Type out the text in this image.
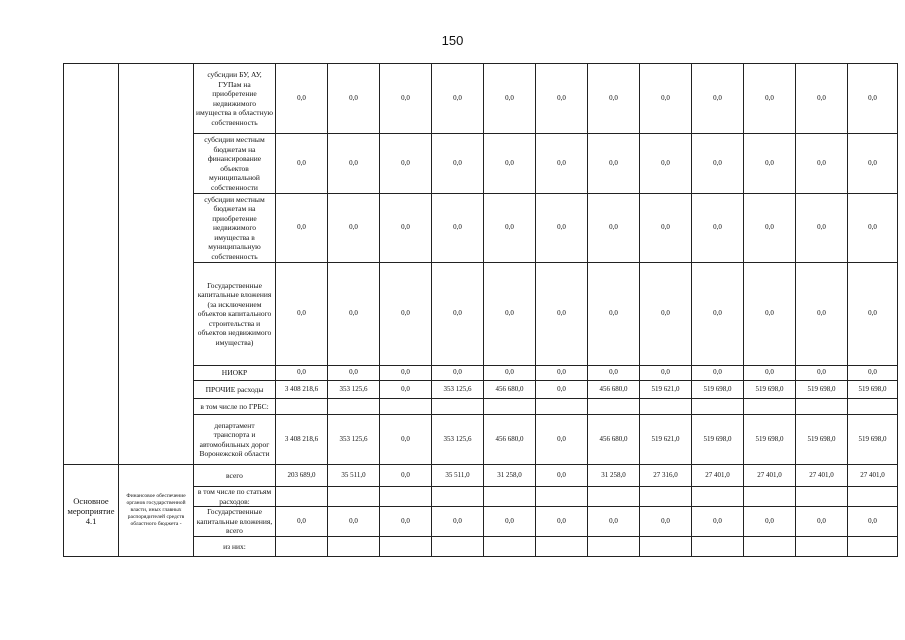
150
		субсидии БУ, АУ, ГУПам на приобретение недвижимого имущества в областную собственность	0,0	0,0	0,0	0,0	0,0	0,0	0,0	0,0	0,0	0,0	0,0	0,0
		субсидии местным бюджетам на финансирование объектов муниципальной собственности	0,0	0,0	0,0	0,0	0,0	0,0	0,0	0,0	0,0	0,0	0,0	0,0
		субсидии местным бюджетам на приобретение недвижимого имущества в муниципальную собственность	0,0	0,0	0,0	0,0	0,0	0,0	0,0	0,0	0,0	0,0	0,0	0,0
		Государственные капитальные вложения (за исключением объектов капитального строительства и объектов недвижимого имущества)	0,0	0,0	0,0	0,0	0,0	0,0	0,0	0,0	0,0	0,0	0,0	0,0
		НИОКР	0,0	0,0	0,0	0,0	0,0	0,0	0,0	0,0	0,0	0,0	0,0	0,0
		ПРОЧИЕ расходы	3 408 218,6	353 125,6	0,0	353 125,6	456 680,0	0,0	456 680,0	519 621,0	519 698,0	519 698,0	519 698,0	519 698,0
		в том числе по ГРБС:												
		департамент транспорта и автомобильных дорог Воронежской области	3 408 218,6	353 125,6	0,0	353 125,6	456 680,0	0,0	456 680,0	519 621,0	519 698,0	519 698,0	519 698,0	519 698,0
Основное мероприятие 4.1	Финансовое обеспечение органов государственной власти, иных главных распорядителей средств областного бюджета -	всего	203 689,0	35 511,0	0,0	35 511,0	31 258,0	0,0	31 258,0	27 316,0	27 401,0	27 401,0	27 401,0	27 401,0
		в том числе по статьям расходов:												
		Государственные капитальные вложения, всего	0,0	0,0	0,0	0,0	0,0	0,0	0,0	0,0	0,0	0,0	0,0	0,0
		из них:												
